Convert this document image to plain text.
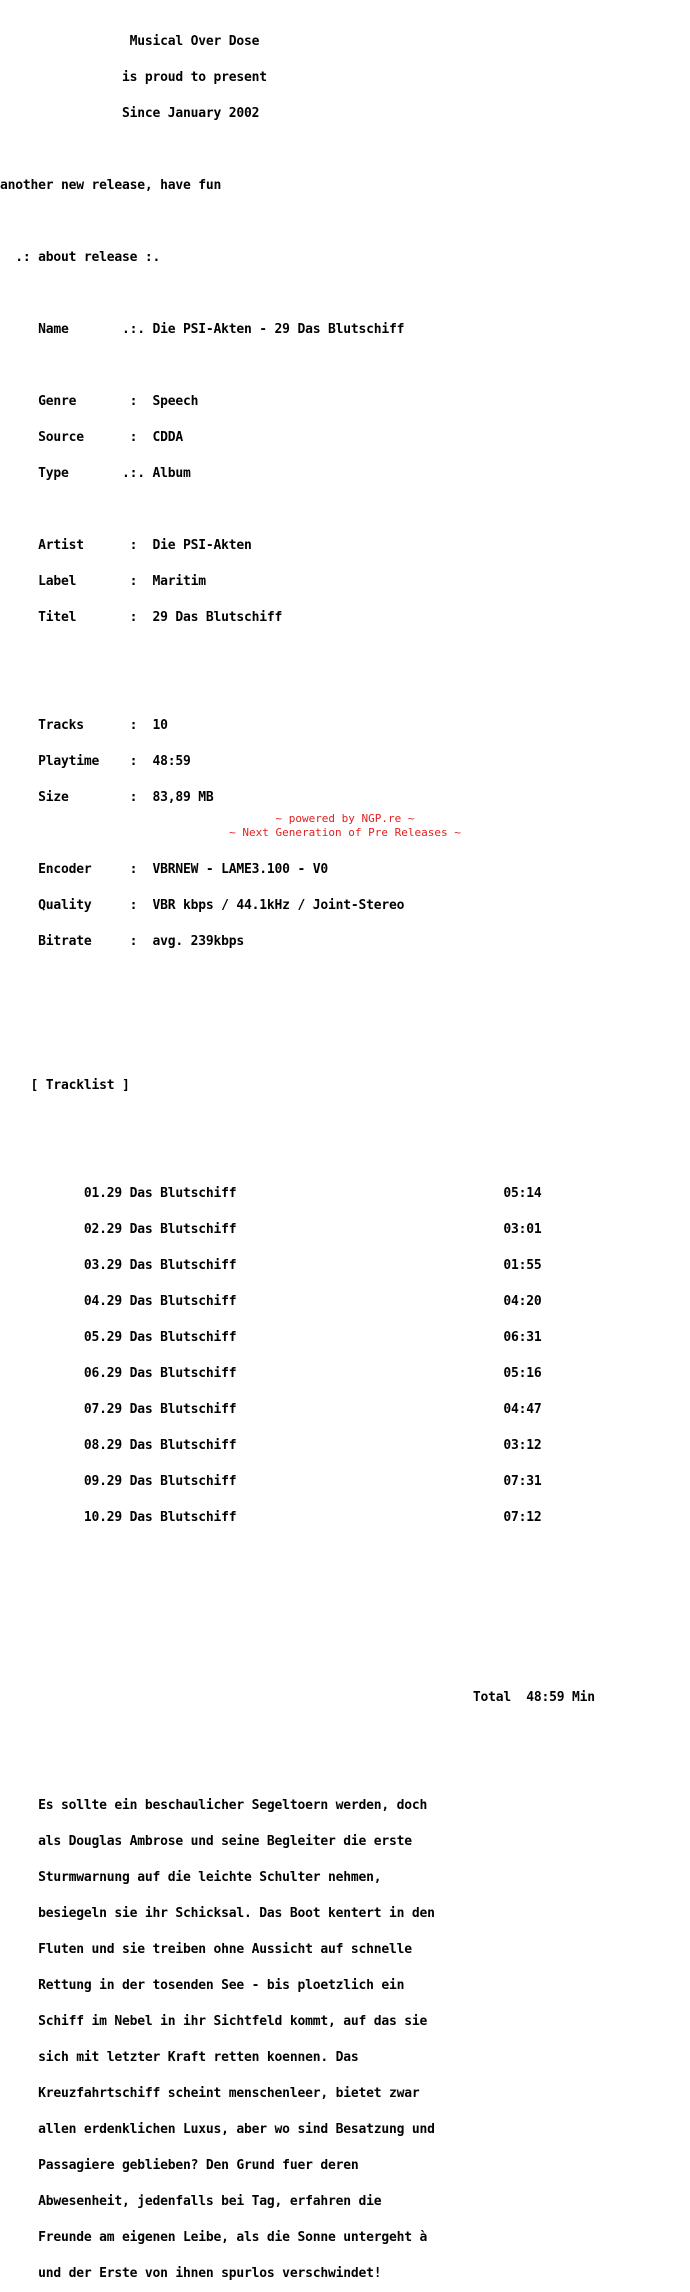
Musical Over Dose

is proud to present

Since January 2002

another new release, have fun

.: about release :.

Name       .:. Die PSI-Akten - 29 Das Blutschiff

Genre       :  Speech

Source      :  CDDA

Type       .:. Album

Artist      :  Die PSI-Akten

Label       :  Maritim

Titel       :  29 Das Blutschiff

Tracks      :  10

Playtime    :  48:59

Size        :  83,89 MB

Encoder     :  VBRNEW - LAME3.100 - V0

Quality     :  VBR kbps / 44.1kHz / Joint-Stereo

Bitrate     :  avg. 239kbps

[ Tracklist ]

01.29 Das Blutschiff                                   05:14

02.29 Das Blutschiff                                   03:01

03.29 Das Blutschiff                                   01:55

04.29 Das Blutschiff                                   04:20

05.29 Das Blutschiff                                   06:31

06.29 Das Blutschiff                                   05:16

07.29 Das Blutschiff                                   04:47

08.29 Das Blutschiff                                   03:12

09.29 Das Blutschiff                                   07:31

10.29 Das Blutschiff                                   07:12

Total  48:59 Min

Es sollte ein beschaulicher Segeltoern werden, doch

als Douglas Ambrose und seine Begleiter die erste

Sturmwarnung auf die leichte Schulter nehmen,

besiegeln sie ihr Schicksal. Das Boot kentert in den

Fluten und sie treiben ohne Aussicht auf schnelle

Rettung in der tosenden See - bis ploetzlich ein

Schiff im Nebel in ihr Sichtfeld kommt, auf das sie

sich mit letzter Kraft retten koennen. Das

Kreuzfahrtschiff scheint menschenleer, bietet zwar

allen erdenklichen Luxus, aber wo sind Besatzung und

Passagiere geblieben? Den Grund fuer deren

Abwesenheit, jedenfalls bei Tag, erfahren die

Freunde am eigenen Leibe, als die Sonne untergeht à

und der Erste von ihnen spurlos verschwindet!

~ powered by NGP.re ~
~ Next Generation of Pre Releases ~
